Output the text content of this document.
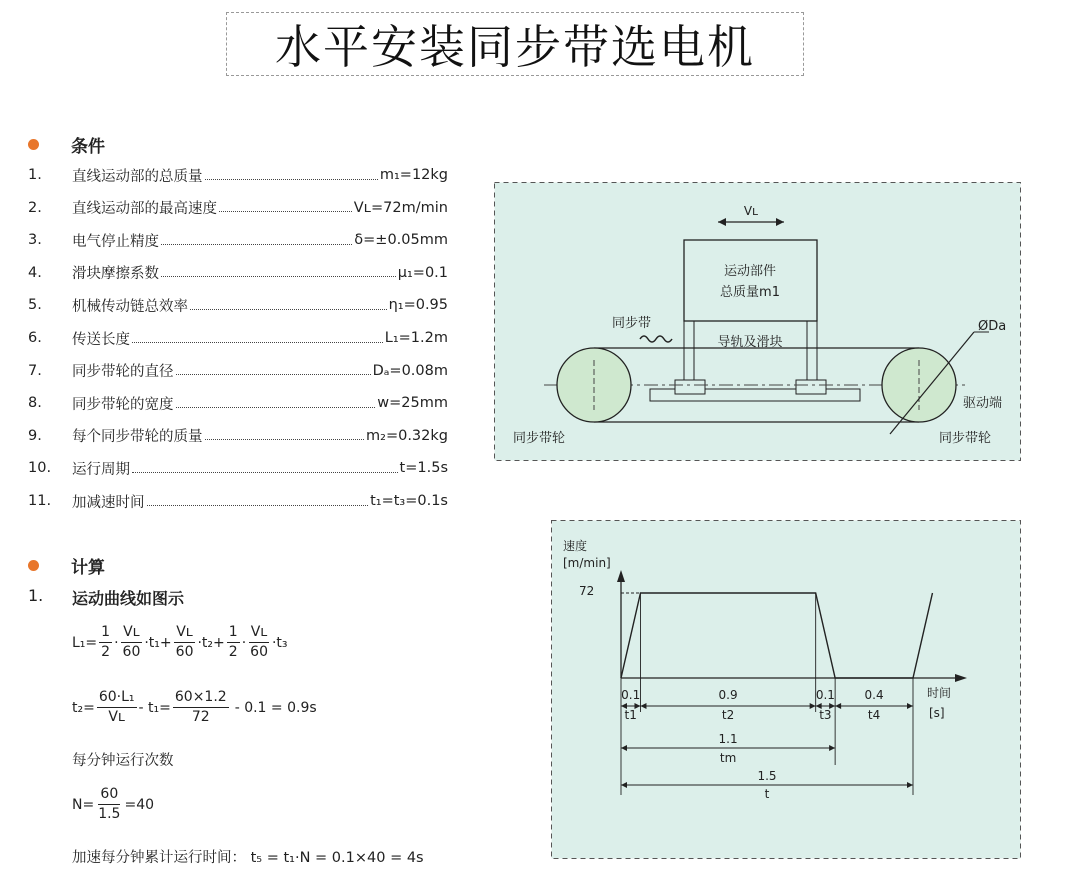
水平安装同步带选电机
条件
1.	直线运动部的总质量	m₁=12kg
2.	直线运动部的最高速度	Vʟ=72m/min
3.	电气停止精度	δ=±0.05mm
4.	滑块摩擦系数	μ₁=0.1
5.	机械传动链总效率	η₁=0.95
6.	传送长度	L₁=1.2m
7.	同步带轮的直径	Dₐ=0.08m
8.	同步带轮的宽度	w=25mm
9.	每个同步带轮的质量	m₂=0.32kg
10.	运行周期	t=1.5s
11.	加减速时间	t₁=t₃=0.1s
计算
1.	运动曲线如图示
$L_1= \frac{1}{2} \cdot \frac{\text{Vʟ}}{60} \cdot t_1+ \frac{\text{Vʟ}}{60} \cdot t_2+ \frac{1}{2} \cdot \frac{\text{Vʟ}}{60} \cdot t_3$
$t_2= \frac{\text{60·L₁}}{\text{Vʟ}} - t_1= \frac{60\times 1.2}{72} - 0.1 = 0.9s$
每分钟运行次数
$N= \frac{60}{1.5} =40$
加速每分钟累计运行时间： t₅ = t₁·N = 0.1×40 = 4s
Vʟ
运动部件
总质量m1
导轨及滑块
ØDa
同步带
驱动端
同步带轮	同步带轮
速度
[m/min]
72
时间
[s]
0.1
t1
0.9
t2
0.1
t3
0.4
t4
1.1
tm
1.5
t
